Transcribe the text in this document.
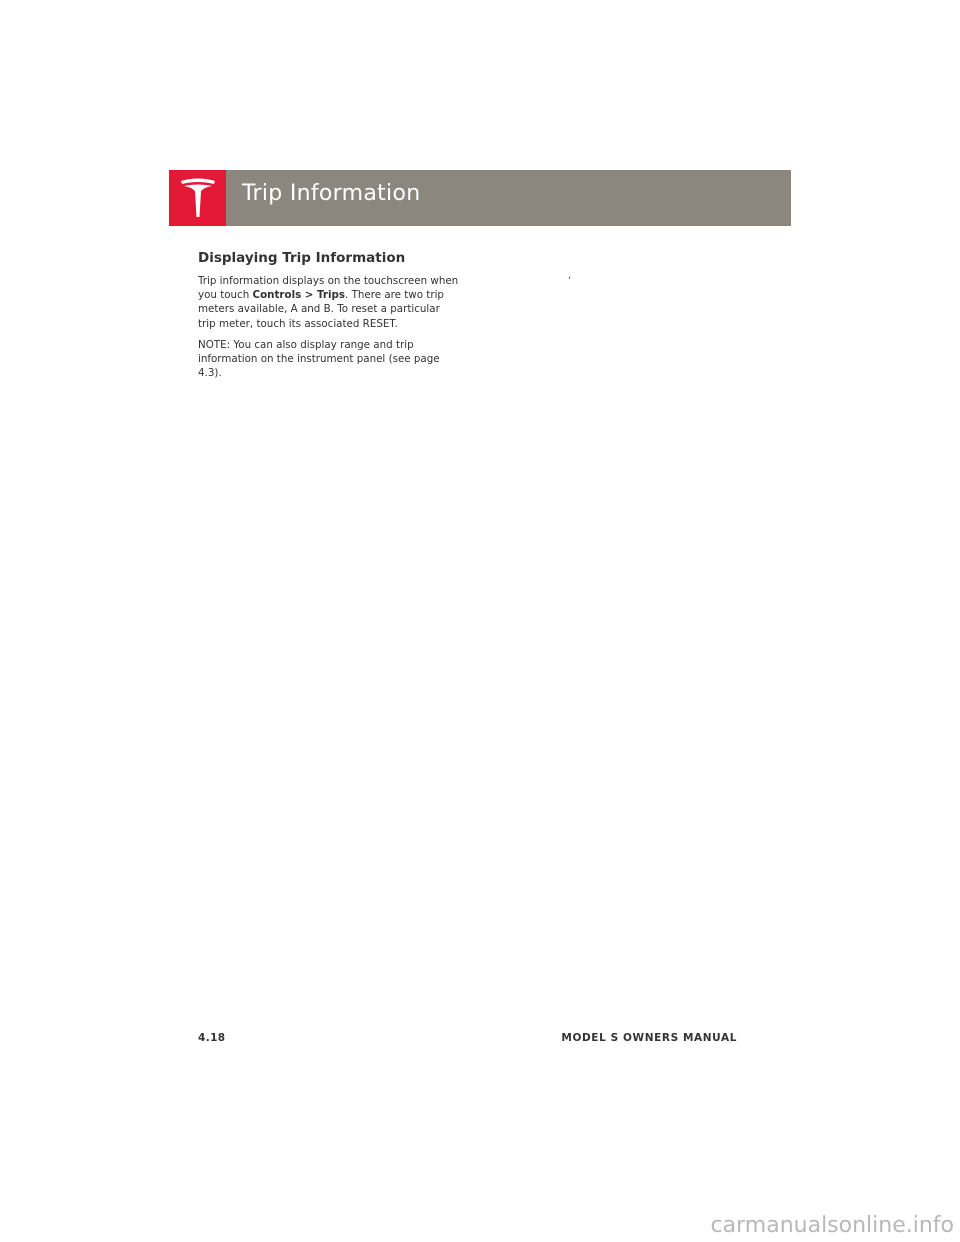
Trip Information
Displaying Trip Information

Trip information displays on the touchscreen when you touch Controls > Trips. There are two trip meters available, A and B. To reset a particular trip meter, touch its associated RESET.

NOTE: You can also display range and trip information on the instrument panel (see page 4.3).

,
4.18	MODEL S OWNERS MANUAL
carmanualsonline.info
